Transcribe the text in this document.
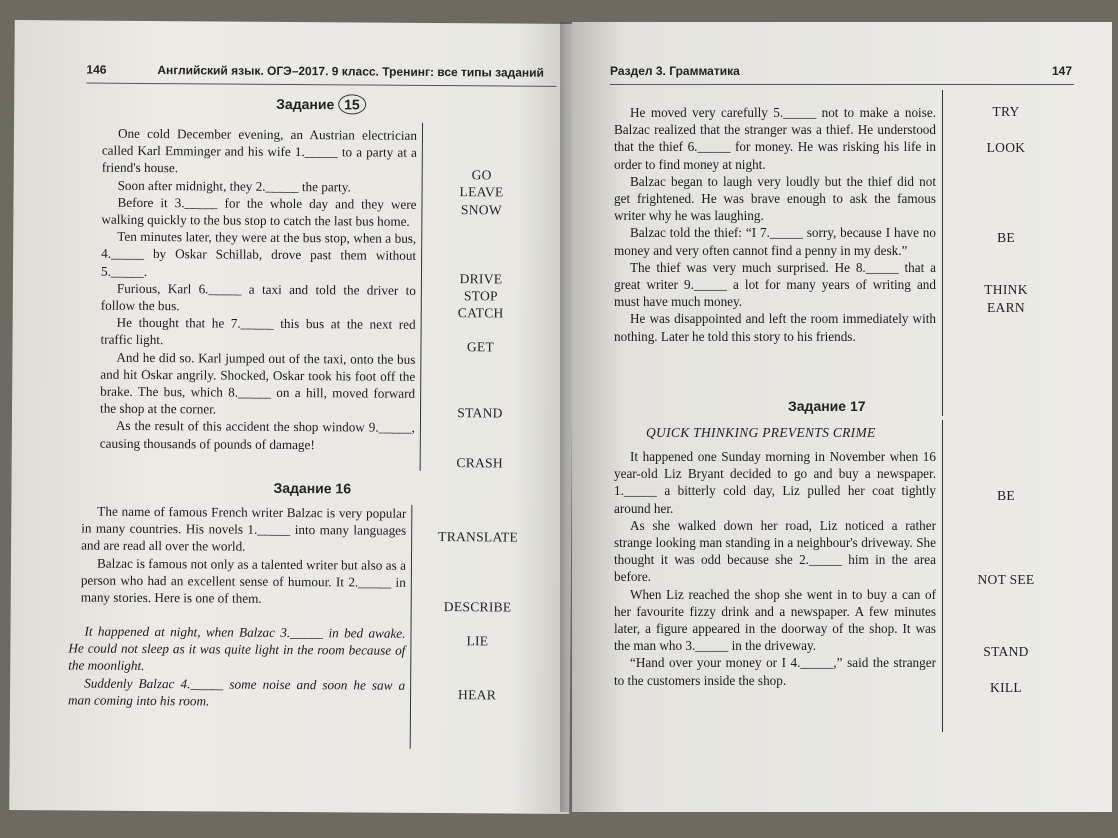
146	Английский язык. ОГЭ–2017. 9 класс. Тренинг: все типы заданий
Задание 15

One cold December evening, an Austrian electrician called Karl Emminger and his wife 1._____ to a party at a friend's house.

Soon after midnight, they 2._____ the party.

Before it 3._____ for the whole day and they were walking quickly to the bus stop to catch the last bus home.

Ten minutes later, they were at the bus stop, when a bus, 4._____ by Oskar Schillab, drove past them without 5._____.

Furious, Karl 6._____ a taxi and told the driver to follow the bus.

He thought that he 7._____ this bus at the next red traffic light.

And he did so. Karl jumped out of the taxi, onto the bus and hit Oskar angrily. Shocked, Oskar took his foot off the brake. The bus, which 8._____ on a hill, moved forward the shop at the corner.

As the result of this accident the shop window 9._____, causing thousands of pounds of damage!

GO
LEAVE
SNOW
DRIVE
STOP
CATCH
GET
STAND
CRASH
Задание 16

The name of famous French writer Balzac is very popular in many countries. His novels 1._____ into many languages and are read all over the world.

Balzac is famous not only as a talented writer but also as a person who had an excellent sense of humour. It 2._____ in many stories. Here is one of them.

It happened at night, when Balzac 3._____ in bed awake. He could not sleep as it was quite light in the room because of the moonlight.

Suddenly Balzac 4._____ some noise and soon he saw a man coming into his room.

TRANSLATE
DESCRIBE
LIE
HEAR
Раздел 3. Грамматика	147

He moved very carefully 5._____ not to make a noise. Balzac realized that the stranger was a thief. He understood that the thief 6._____ for money. He was risking his life in order to find money at night.

Balzac began to laugh very loudly but the thief did not get frightened. He was brave enough to ask the famous writer why he was laughing.

Balzac told the thief: “I 7._____ sorry, because I have no money and very often cannot find a penny in my desk.”

The thief was very much surprised. He 8._____ that a great writer 9._____ a lot for many years of writing and must have much money.

He was disappointed and left the room immediately with nothing. Later he told this story to his friends.

TRY
LOOK
BE
THINK
EARN
Задание 17
QUICK THINKING PREVENTS CRIME

It happened one Sunday morning in November when 16 year-old Liz Bryant decided to go and buy a newspaper. 1._____ a bitterly cold day, Liz pulled her coat tightly around her.

As she walked down her road, Liz noticed a rather strange looking man standing in a neighbour's driveway. She thought it was odd because she 2._____ him in the area before.

When Liz reached the shop she went in to buy a can of her favourite fizzy drink and a newspaper. A few minutes later, a figure appeared in the doorway of the shop. It was the man who 3._____ in the driveway.

“Hand over your money or I 4._____,” said the stranger to the customers inside the shop.

BE
NOT SEE
STAND
KILL
